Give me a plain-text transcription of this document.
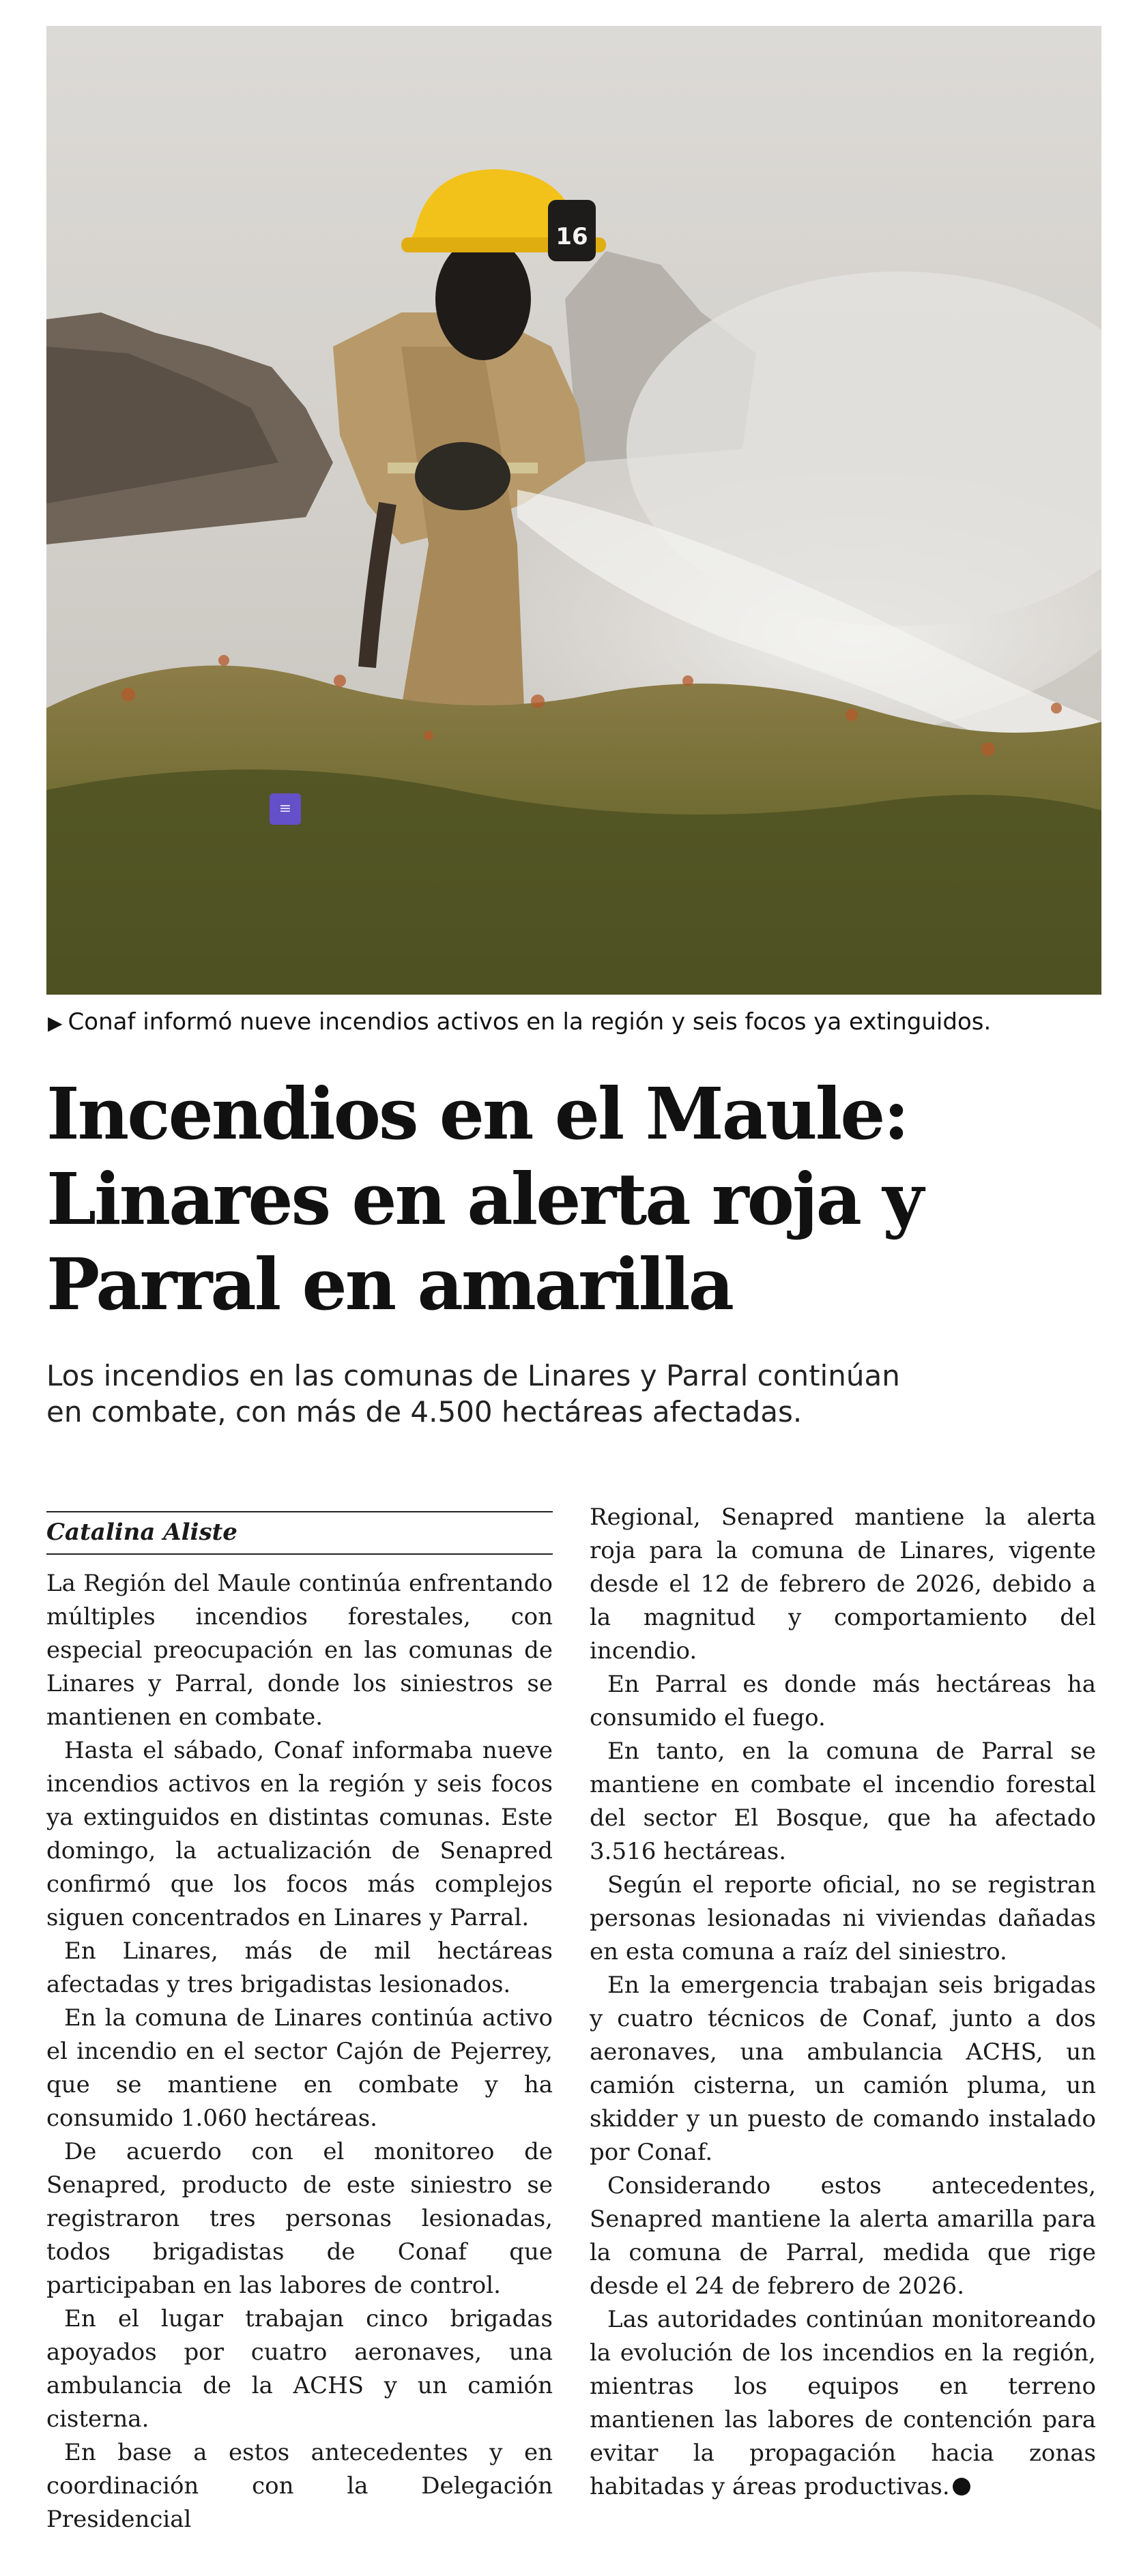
16
≡
▶ Conaf informó nueve incendios activos en la región y seis focos ya extinguidos.
Incendios en el Maule: Linares en alerta roja y Parral en amarilla

Los incendios en las comunas de Linares y Parral continúan en combate, con más de 4.500 hectáreas afectadas.

Catalina Aliste

La Región del Maule continúa enfrentando múltiples incendios forestales, con especial preocupación en las comunas de Linares y Parral, donde los siniestros se mantienen en combate.

Hasta el sábado, Conaf informaba nueve incendios activos en la región y seis focos ya extinguidos en distintas comunas. Este domingo, la actualización de Senapred confirmó que los focos más complejos siguen concentrados en Linares y Parral.

En Linares, más de mil hectáreas afectadas y tres brigadistas lesionados.

En la comuna de Linares continúa activo el incendio en el sector Cajón de Pejerrey, que se mantiene en combate y ha consumido 1.060 hectáreas.

De acuerdo con el monitoreo de Senapred, producto de este siniestro se registraron tres personas lesionadas, todos brigadistas de Conaf que participaban en las labores de control.

En el lugar trabajan cinco brigadas apoyados por cuatro aeronaves, una ambulancia de la ACHS y un camión cisterna.

En base a estos antecedentes y en coordinación con la Delegación Presidencial

Regional, Senapred mantiene la alerta roja para la comuna de Linares, vigente desde el 12 de febrero de 2026, debido a la magnitud y comportamiento del incendio.

En Parral es donde más hectáreas ha consumido el fuego.

En tanto, en la comuna de Parral se mantiene en combate el incendio forestal del sector El Bosque, que ha afectado 3.516 hectáreas.

Según el reporte oficial, no se registran personas lesionadas ni viviendas dañadas en esta comuna a raíz del siniestro.

En la emergencia trabajan seis brigadas y cuatro técnicos de Conaf, junto a dos aeronaves, una ambulancia ACHS, un camión cisterna, un camión pluma, un skidder y un puesto de comando instalado por Conaf.

Considerando estos antecedentes, Senapred mantiene la alerta amarilla para la comuna de Parral, medida que rige desde el 24 de febrero de 2026.

Las autoridades continúan monitoreando la evolución de los incendios en la región, mientras los equipos en terreno mantienen las labores de contención para evitar la propagación hacia zonas habitadas y áreas productivas.
